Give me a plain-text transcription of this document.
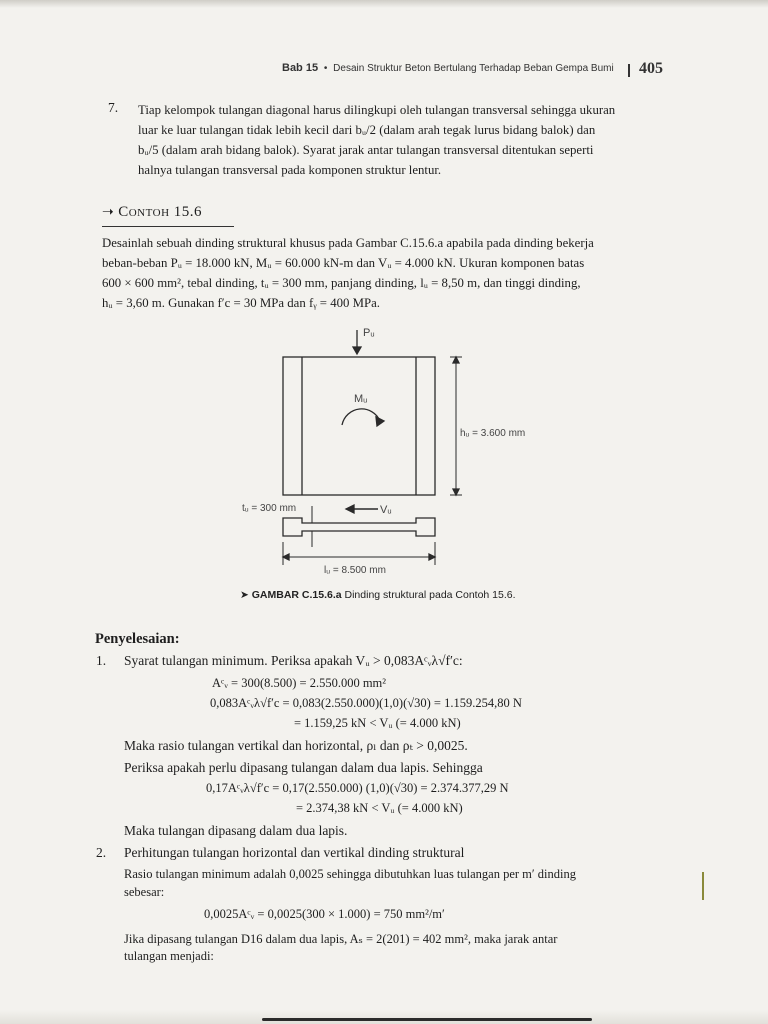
Bab 15 • Desain Struktur Beton Bertulang Terhadap Beban Gempa Bumi 405
7. Tiap kelompok tulangan diagonal harus dilingkupi oleh tulangan transversal sehingga ukuran
luar ke luar tulangan tidak lebih kecil dari bᵤ/2 (dalam arah tegak lurus bidang balok) dan
bᵤ/5 (dalam arah bidang balok). Syarat jarak antar tulangan transversal ditentukan seperti
halnya tulangan transversal pada komponen struktur lentur.
➝ Contoh 15.6
Desainlah sebuah dinding struktural khusus pada Gambar C.15.6.a apabila pada dinding bekerja
beban-beban Pᵤ = 18.000 kN, Mᵤ = 60.000 kN-m dan Vᵤ = 4.000 kN. Ukuran komponen batas
600 × 600 mm², tebal dinding, tᵤ = 300 mm, panjang dinding, lᵤ = 8,50 m, dan tinggi dinding,
hᵤ = 3,60 m. Gunakan f′c = 30 MPa dan fᵧ = 400 MPa.
Pᵤ
Mᵤ
hᵤ = 3.600 mm
tᵤ = 300 mm	Vᵤ
lᵤ = 8.500 mm
➤ GAMBAR C.15.6.a Dinding struktural pada Contoh 15.6.
Penyelesaian:
1. Syarat tulangan minimum. Periksa apakah Vᵤ > 0,083Aᶜᵥλ√f′c:
Aᶜᵥ = 300(8.500) = 2.550.000 mm²
0,083Aᶜᵥλ√f′c = 0,083(2.550.000)(1,0)(√30) = 1.159.254,80 N
= 1.159,25 kN < Vᵤ (= 4.000 kN)
Maka rasio tulangan vertikal dan horizontal, ρₗ dan ρₜ > 0,0025.
Periksa apakah perlu dipasang tulangan dalam dua lapis. Sehingga
0,17Aᶜᵥλ√f′c = 0,17(2.550.000) (1,0)(√30) = 2.374.377,29 N
= 2.374,38 kN < Vᵤ (= 4.000 kN)
Maka tulangan dipasang dalam dua lapis.
2. Perhitungan tulangan horizontal dan vertikal dinding struktural
Rasio tulangan minimum adalah 0,0025 sehingga dibutuhkan luas tulangan per m′ dinding
sebesar:
0,0025Aᶜᵥ = 0,0025(300 × 1.000) = 750 mm²/m′
Jika dipasang tulangan D16 dalam dua lapis, Aₛ = 2(201) = 402 mm², maka jarak antar
tulangan menjadi:
